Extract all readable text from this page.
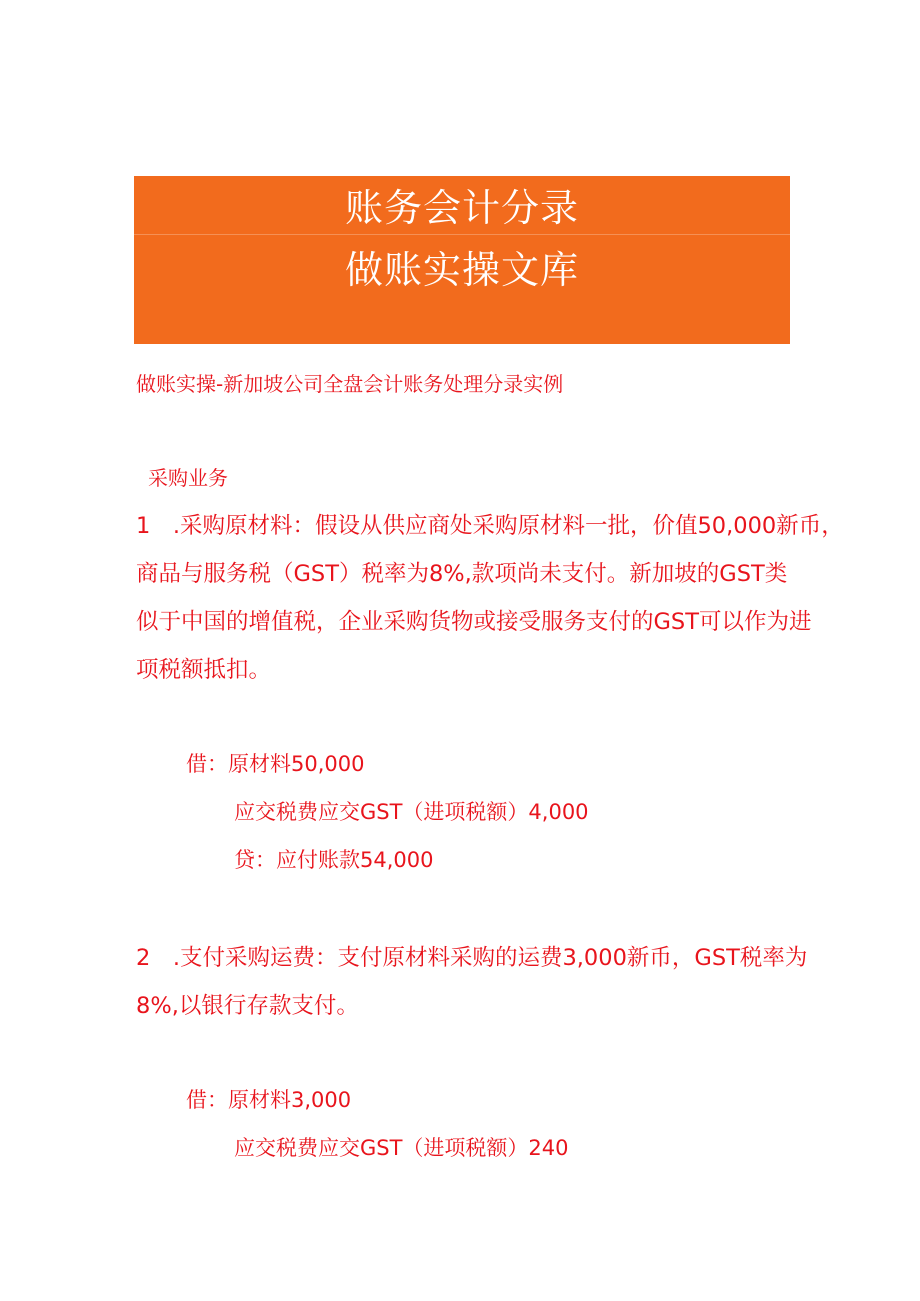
账务会计分录
做账实操文库
做账实操-新加坡公司全盘会计账务处理分录实例
采购业务
1　.采购原材料：假设从供应商处采购原材料一批，价值50,000新币，
商品与服务税（GST）税率为8%,款项尚未支付。新加坡的GST类
似于中国的增值税，企业采购货物或接受服务支付的GST可以作为进
项税额抵扣。
借：原材料50,000
应交税费应交GST（进项税额）4,000
贷：应付账款54,000
2　.支付采购运费：支付原材料采购的运费3,000新币，GST税率为
8%,以银行存款支付。
借：原材料3,000
应交税费应交GST（进项税额）240
